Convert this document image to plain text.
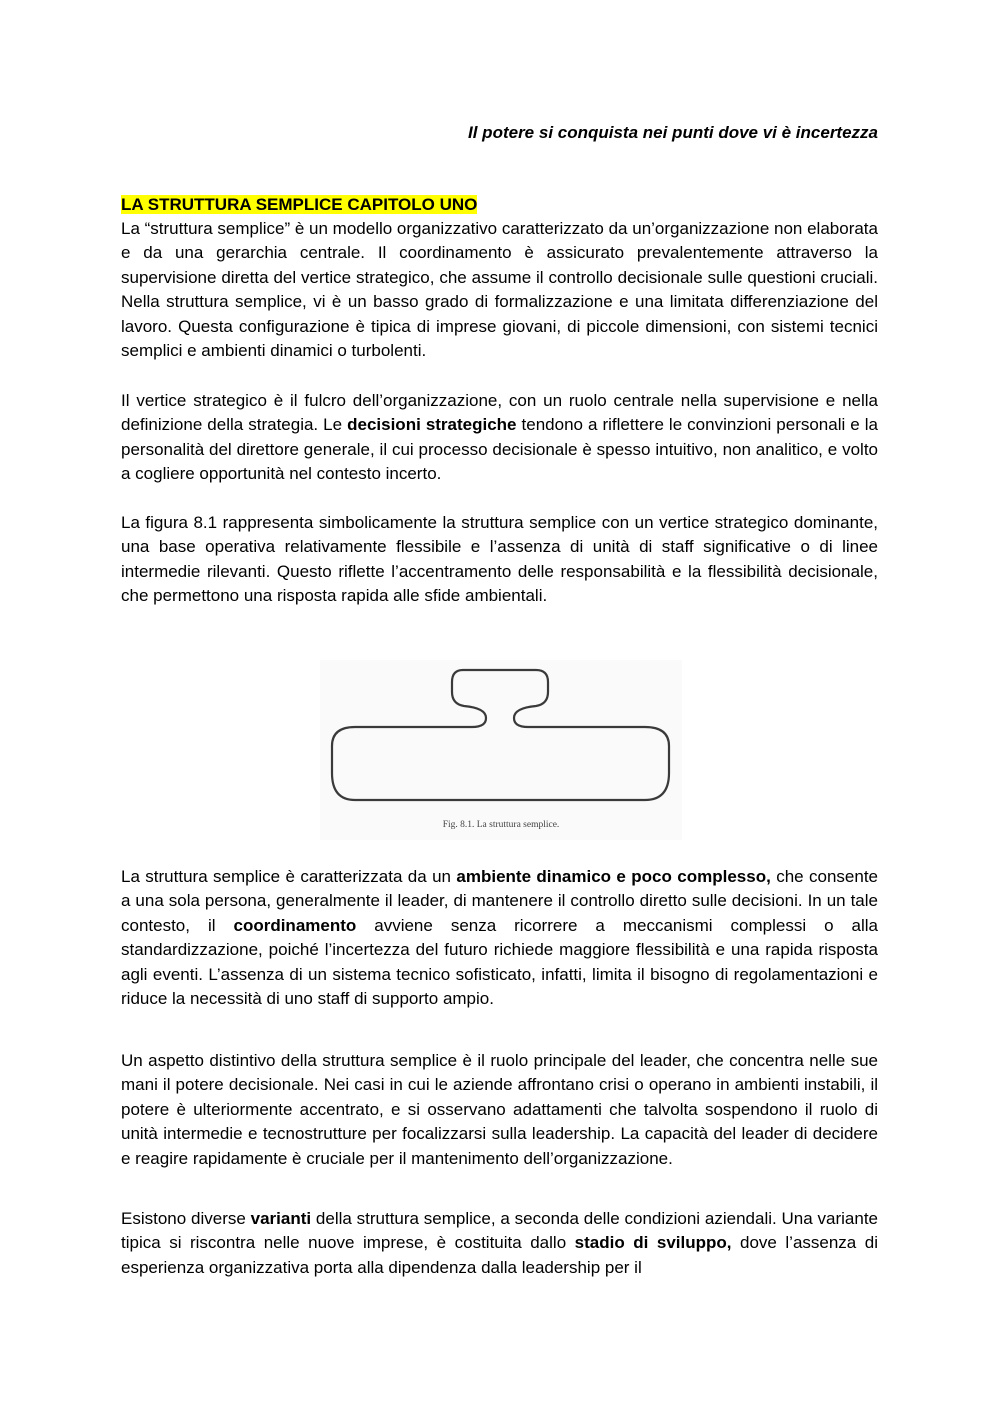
Il potere si conquista nei punti dove vi è incertezza
LA STRUTTURA SEMPLICE CAPITOLO UNO

La “struttura semplice” è un modello organizzativo caratterizzato da un’organizzazione non elaborata e da una gerarchia centrale. Il coordinamento è assicurato prevalentemente attraverso la supervisione diretta del vertice strategico, che assume il controllo decisionale sulle questioni cruciali. Nella struttura semplice, vi è un basso grado di formalizzazione e una limitata differenziazione del lavoro. Questa configurazione è tipica di imprese giovani, di piccole dimensioni, con sistemi tecnici semplici e ambienti dinamici o turbolenti.

Il vertice strategico è il fulcro dell’organizzazione, con un ruolo centrale nella supervisione e nella definizione della strategia. Le decisioni strategiche tendono a riflettere le convinzioni personali e la personalità del direttore generale, il cui processo decisionale è spesso intuitivo, non analitico, e volto a cogliere opportunità nel contesto incerto.

La figura 8.1 rappresenta simbolicamente la struttura semplice con un vertice strategico dominante, una base operativa relativamente flessibile e l’assenza di unità di staff significative o di linee intermedie rilevanti. Questo riflette l’accentramento delle responsabilità e la flessibilità decisionale, che permettono una risposta rapida alle sfide ambientali.

Fig. 8.1. La struttura semplice.

La struttura semplice è caratterizzata da un ambiente dinamico e poco complesso, che consente a una sola persona, generalmente il leader, di mantenere il controllo diretto sulle decisioni. In un tale contesto, il coordinamento avviene senza ricorrere a meccanismi complessi o alla standardizzazione, poiché l’incertezza del futuro richiede maggiore flessibilità e una rapida risposta agli eventi. L’assenza di un sistema tecnico sofisticato, infatti, limita il bisogno di regolamentazioni e riduce la necessità di uno staff di supporto ampio.

Un aspetto distintivo della struttura semplice è il ruolo principale del leader, che concentra nelle sue mani il potere decisionale. Nei casi in cui le aziende affrontano crisi o operano in ambienti instabili, il potere è ulteriormente accentrato, e si osservano adattamenti che talvolta sospendono il ruolo di unità intermedie e tecnostrutture per focalizzarsi sulla leadership. La capacità del leader di decidere e reagire rapidamente è cruciale per il mantenimento dell’organizzazione.

Esistono diverse varianti della struttura semplice, a seconda delle condizioni aziendali. Una variante tipica si riscontra nelle nuove imprese, è costituita dallo stadio di sviluppo, dove l’assenza di esperienza organizzativa porta alla dipendenza dalla leadership per il
